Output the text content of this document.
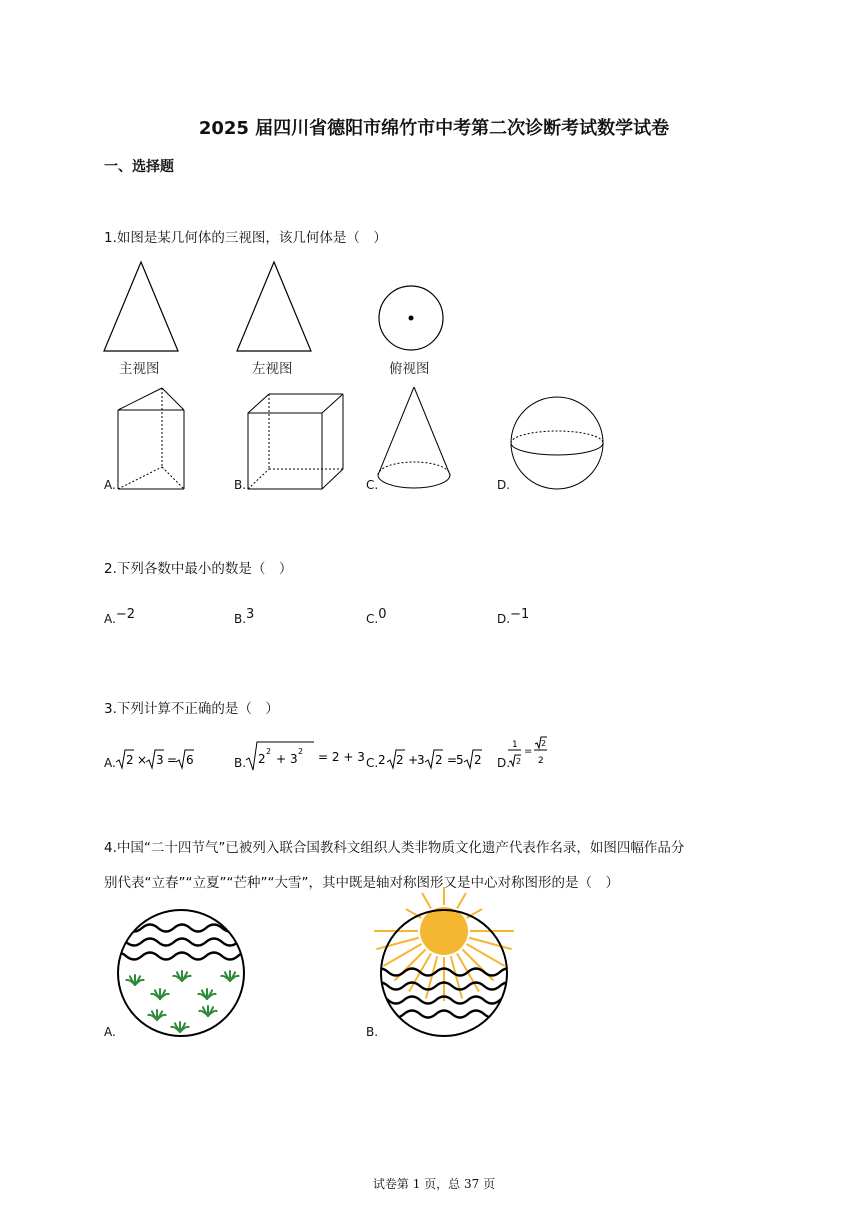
2025 届四川省德阳市绵竹市中考第二次诊断考试数学试卷
一、选择题
1.如图是某几何体的三视图，该几何体是（　）
主视图	左视图	俯视图
A.	B.	C.	D.
2.下列各数中最小的数是（　）
A.$^{-2}$	B.$^3$	C.$^0$	D.$^{-1}$
3.下列计算不正确的是（　）
A.	B.	C.	D.
2 × 3 = 6	2
2
+ 3
2 = 2 + 3 2 2 +
3 2 =
5 2
1
2
=
2
2
4.中国“二十四节气”已被列入联合国教科文组织人类非物质文化遗产代表作名录，如图四幅作品分
别代表“立春”“立夏”“芒种”“大雪”，其中既是轴对称图形又是中心对称图形的是（　）
A.	B.
试卷第 1 页，总 37 页
